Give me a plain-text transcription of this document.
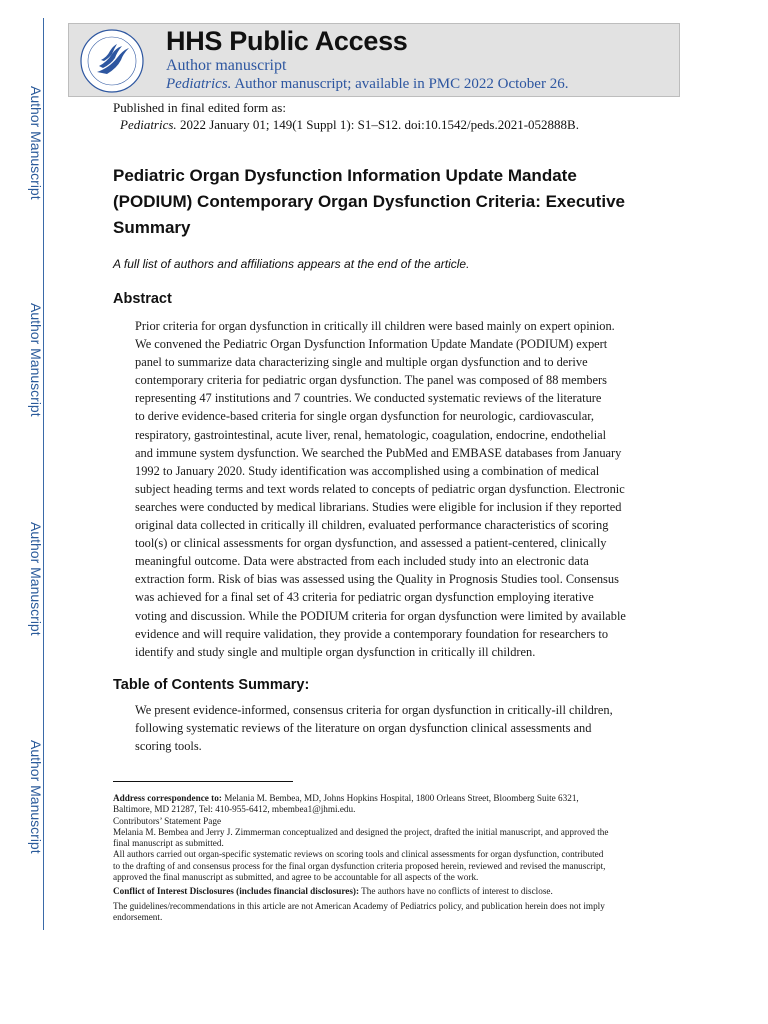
Author Manuscript
Author Manuscript
Author Manuscript
Author Manuscript
HHS Public Access
Author manuscript
Pediatrics. Author manuscript; available in PMC 2022 October 26.
Published in final edited form as:
Pediatrics. 2022 January 01; 149(1 Suppl 1): S1–S12. doi:10.1542/peds.2021-052888B.
Pediatric Organ Dysfunction Information Update Mandate
(PODIUM) Contemporary Organ Dysfunction Criteria: Executive
Summary
A full list of authors and affiliations appears at the end of the article.
Abstract

Prior criteria for organ dysfunction in critically ill children were based mainly on expert opinion.
We convened the Pediatric Organ Dysfunction Information Update Mandate (PODIUM) expert
panel to summarize data characterizing single and multiple organ dysfunction and to derive
contemporary criteria for pediatric organ dysfunction. The panel was composed of 88 members
representing 47 institutions and 7 countries. We conducted systematic reviews of the literature
to derive evidence-based criteria for single organ dysfunction for neurologic, cardiovascular,
respiratory, gastrointestinal, acute liver, renal, hematologic, coagulation, endocrine, endothelial
and immune system dysfunction. We searched the PubMed and EMBASE databases from January
1992 to January 2020. Study identification was accomplished using a combination of medical
subject heading terms and text words related to concepts of pediatric organ dysfunction. Electronic
searches were conducted by medical librarians. Studies were eligible for inclusion if they reported
original data collected in critically ill children, evaluated performance characteristics of scoring
tool(s) or clinical assessments for organ dysfunction, and assessed a patient-centered, clinically
meaningful outcome. Data were abstracted from each included study into an electronic data
extraction form. Risk of bias was assessed using the Quality in Prognosis Studies tool. Consensus
was achieved for a final set of 43 criteria for pediatric organ dysfunction employing iterative
voting and discussion. While the PODIUM criteria for organ dysfunction were limited by available
evidence and will require validation, they provide a contemporary foundation for researchers to
identify and study single and multiple organ dysfunction in critically ill children.

Table of Contents Summary:

We present evidence-informed, consensus criteria for organ dysfunction in critically-ill children,
following systematic reviews of the literature on organ dysfunction clinical assessments and
scoring tools.

Address correspondence to: Melania M. Bembea, MD, Johns Hopkins Hospital, 1800 Orleans Street, Bloomberg Suite 6321,
Baltimore, MD 21287, Tel: 410-955-6412, mbembea1@jhmi.edu.
Contributors’ Statement Page
Melania M. Bembea and Jerry J. Zimmerman conceptualized and designed the project, drafted the initial manuscript, and approved the
final manuscript as submitted.
All authors carried out organ-specific systematic reviews on scoring tools and clinical assessments for organ dysfunction, contributed
to the drafting of and consensus process for the final organ dysfunction criteria proposed herein, reviewed and revised the manuscript,
approved the final manuscript as submitted, and agree to be accountable for all aspects of the work.
Conflict of Interest Disclosures (includes financial disclosures): The authors have no conflicts of interest to disclose.
The guidelines/recommendations in this article are not American Academy of Pediatrics policy, and publication herein does not imply
endorsement.
